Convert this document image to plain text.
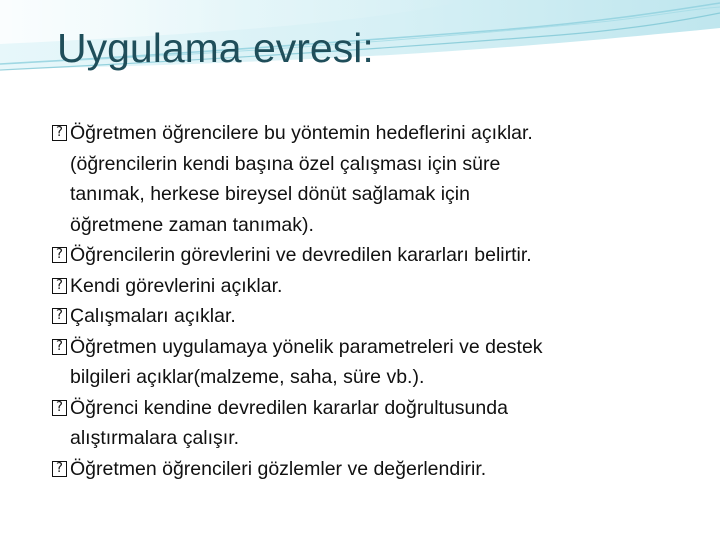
Uygulama evresi:
? Öğretmen öğrencilere bu yöntemin hedeflerini açıklar.
(öğrencilerin kendi başına özel çalışması için süre
tanımak, herkese bireysel dönüt sağlamak için
öğretmene zaman tanımak).
? Öğrencilerin görevlerini ve devredilen kararları belirtir.
? Kendi görevlerini açıklar.
? Çalışmaları açıklar.
? Öğretmen uygulamaya yönelik parametreleri ve destek
bilgileri açıklar(malzeme, saha, süre vb.).
? Öğrenci kendine devredilen kararlar doğrultusunda
alıştırmalara çalışır.
? Öğretmen öğrencileri gözlemler ve değerlendirir.
